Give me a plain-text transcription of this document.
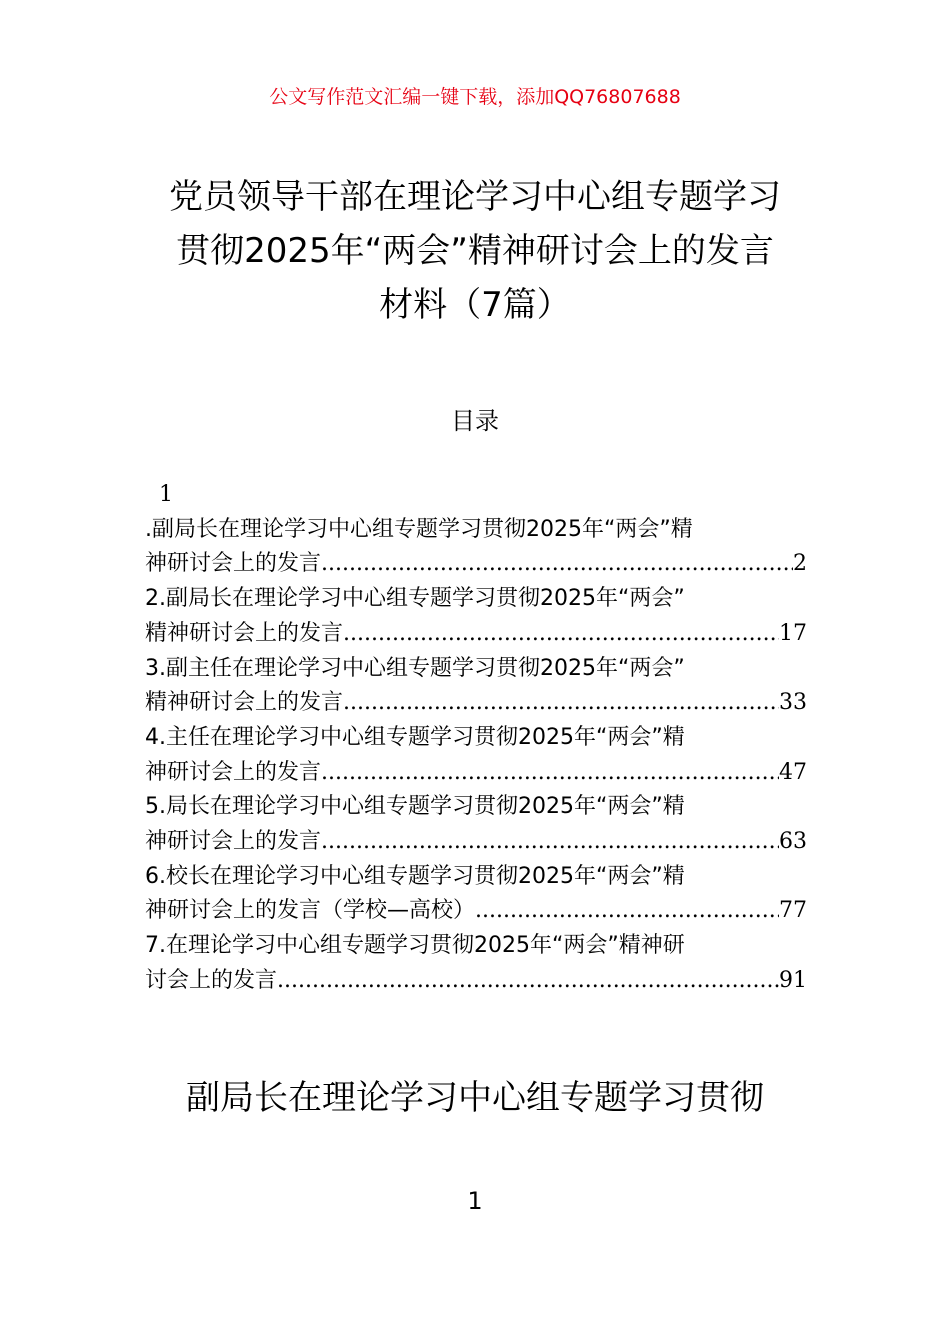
公文写作范文汇编一键下载，添加QQ76807688
党员领导干部在理论学习中心组专题学习
贯彻2025年“两会”精神研讨会上的发言
材料（7篇）
目录
1
.副局长在理论学习中心组专题学习贯彻2025年“两会”精
神研讨会上的发言 .....	2
2.副局长在理论学习中心组专题学习贯彻2025年“两会”
精神研讨会上的发言 .....	17
3.副主任在理论学习中心组专题学习贯彻2025年“两会”
精神研讨会上的发言 .....	33
4.主任在理论学习中心组专题学习贯彻2025年“两会”精
神研讨会上的发言 .....	47
5.局长在理论学习中心组专题学习贯彻2025年“两会”精
神研讨会上的发言 .....	63
6.校长在理论学习中心组专题学习贯彻2025年“两会”精
神研讨会上的发言（学校—高校） .....	77
7.在理论学习中心组专题学习贯彻2025年“两会”精神研
讨会上的发言 .....	91
副局长在理论学习中心组专题学习贯彻
1
